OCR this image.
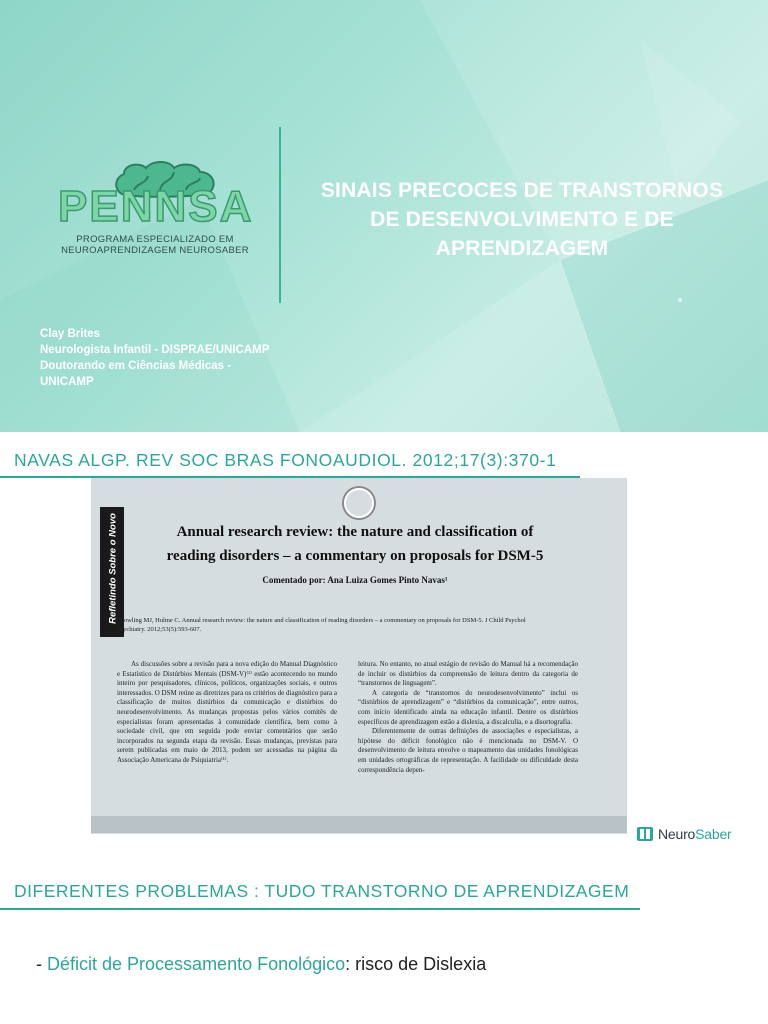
PENNSA
PROGRAMA ESPECIALIZADO EM
NEUROAPRENDIZAGEM NEUROSABER
SINAIS PRECOCES DE TRANSTORNOS
DE DESENVOLVIMENTO E DE
APRENDIZAGEM
Clay Brites
Neurologista Infantil - DISPRAE/UNICAMP
Doutorando em Ciências Médicas -
UNICAMP
NAVAS ALGP. REV SOC BRAS FONOAUDIOL. 2012;17(3):370-1
Refletindo Sobre o Novo	Annual research review: the nature and classification of
reading disorders – a commentary on proposals for DSM-5
Comentado por: Ana Luiza Gomes Pinto Navas¹
Snowling MJ, Hulme C. Annual research review: the nature and classification of reading disorders – a commentary on proposals for DSM-5. J Child Psychol
Psychiatry. 2012;53(5):593-607.
As discussões sobre a revisão para a nova edição do Manual Diagnóstico e Estatístico de Distúrbios Mentais (DSM-V)⁽¹⁾ estão acontecendo no mundo inteiro por pesquisadores, clínicos, políticos, organizações sociais, e outros interessados. O DSM reúne as diretrizes para os critérios de diagnóstico para a classificação de muitos distúrbios da comunicação e distúrbios do neurodesenvolvimento. As mudanças propostas pelos vários comitês de especialistas foram apresentadas à comunidade científica, bem como à sociedade civil, que em seguida pode enviar comentários que serão incorporados na segunda etapa da revisão. Essas mudanças, previstas para serem publicadas em maio de 2013, podem ser acessadas na página da Associação Americana de Psiquiatria⁽¹⁾.
leitura. No entanto, no atual estágio de revisão do Manual há a recomendação de incluir os distúrbios da compreensão de leitura dentro da categoria de “transtornos de linguagem”.
A categoria de “transtornos do neurodesenvolvimento” inclui os “distúrbios de aprendizagem” e “distúrbios da comunicação”, entre outros, com início identificado ainda na educação infantil. Dentre os distúrbios específicos de aprendizagem estão a dislexia, a discalculia, e a disortografia.
Diferentemente de outras definições de associações e especialistas, a hipótese do déficit fonológico não é mencionada no DSM-V. O desenvolvimento de leitura envolve o mapeamento das unidades fonológicas em unidades ortográficas de representação. A facilidade ou dificuldade desta correspondência depen-
NeuroSaber
DIFERENTES PROBLEMAS : TUDO TRANSTORNO DE APRENDIZAGEM
- Déficit de Processamento Fonológico: risco de Dislexia
